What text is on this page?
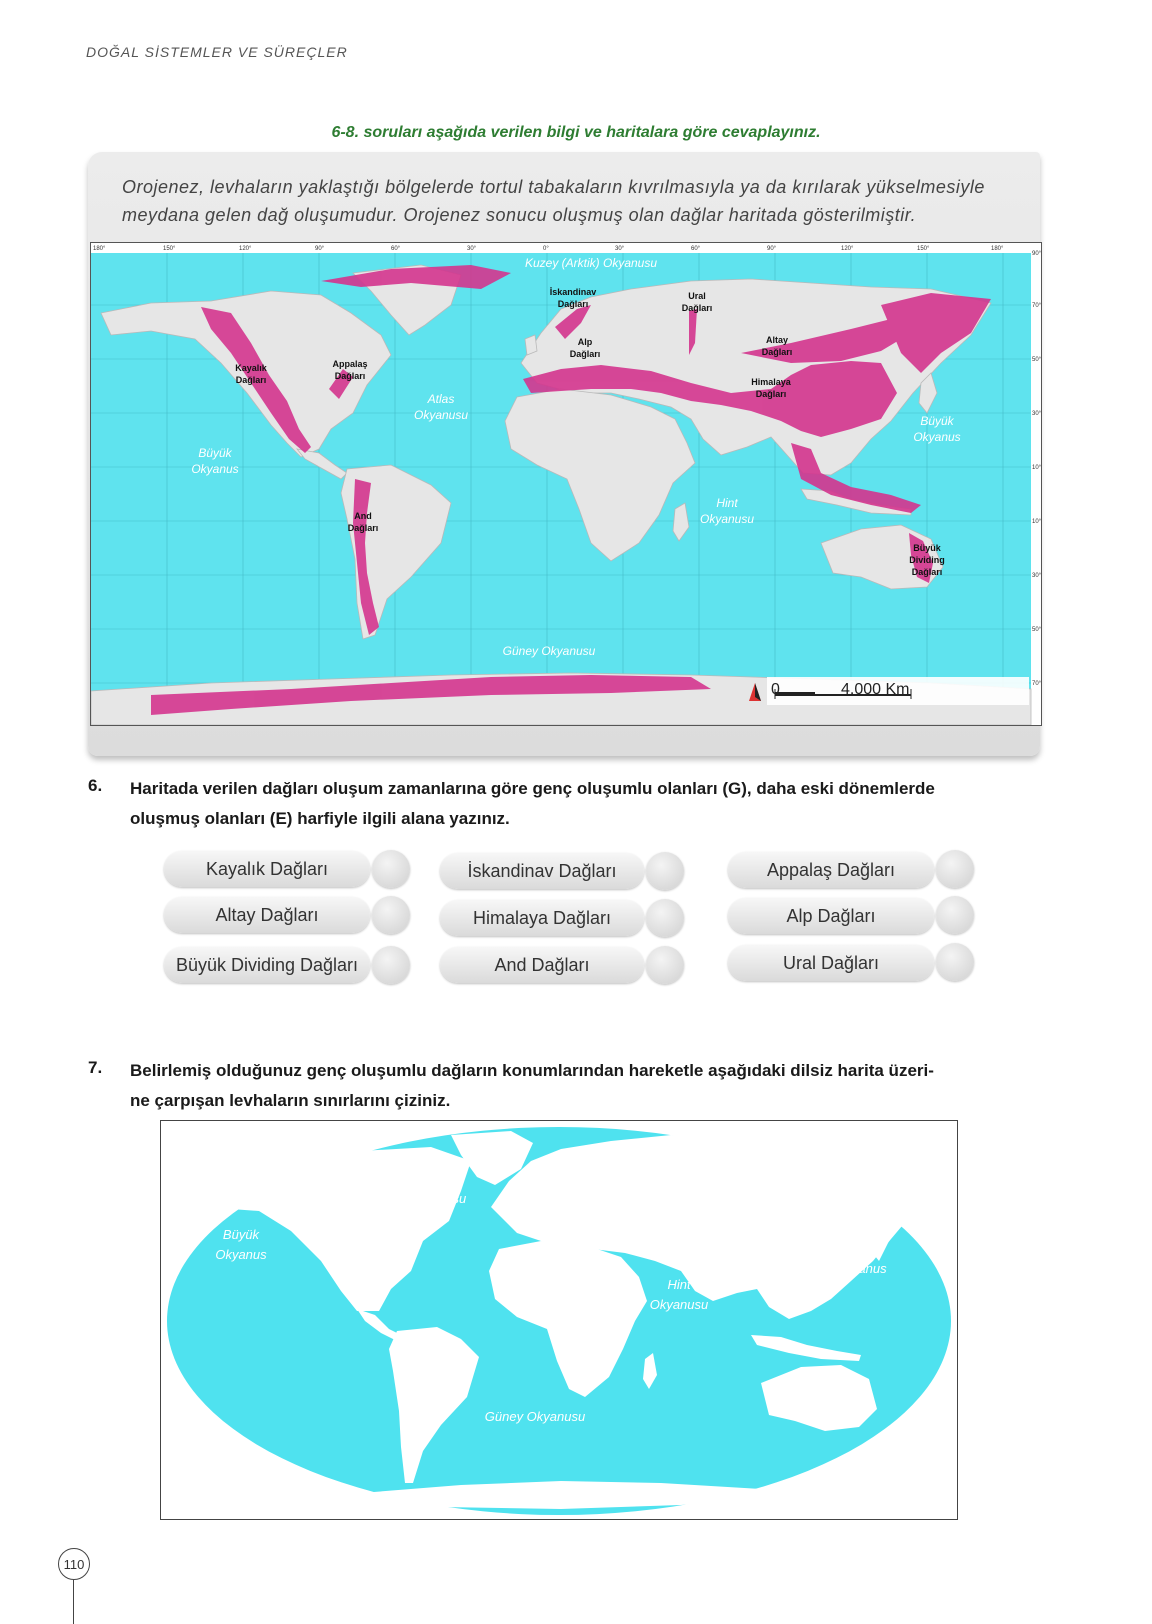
DOĞAL SİSTEMLER VE SÜREÇLER
6-8. soruları aşağıda verilen bilgi ve haritalara göre cevaplayınız.
Orojenez, levhaların yaklaştığı bölgelerde tortul tabakaların kıvrılmasıyla ya da kırılarak yükselmesiyle meydana gelen dağ oluşumudur. Orojenez sonucu oluşmuş olan dağlar haritada gösterilmiştir.
180°	150°	120°	90°	60°	30°	0°	30°	60°	90°	120°	150°	180°
90°
70°
50°
30°
10°
10°
30°
50°
70°
Kuzey (Arktik) Okyanusu
Atlas Okyanusu
Büyük Okyanus
Büyük Okyanus
Hint Okyanusu
Güney Okyanusu
Kayalık Dağları
Appalaş Dağları
İskandinav Dağları
Ural Dağları
Alp Dağları
Altay Dağları
Himalaya Dağları
And Dağları
Büyük Dividing Dağları
0	4.000 Km
6. Haritada verilen dağları oluşum zamanlarına göre genç oluşumlu olanları (G), daha eski dönemlerde
oluşmuş olanları (E) harfiyle ilgili alana yazınız.
Kayalık Dağları
Altay Dağları
Büyük Dividing Dağları
İskandinav Dağları
Himalaya Dağları
And Dağları
Appalaş Dağları
Alp Dağları
Ural Dağları
7. Belirlemiş olduğunuz genç oluşumlu dağların konumlarından hareketle aşağıdaki dilsiz harita üzeri-
ne çarpışan levhaların sınırlarını çiziniz.
Atlas Okyanusu
Büyük Okyanus	Büyük Okyanus
Hint Okyanusu
Güney Okyanusu
110
